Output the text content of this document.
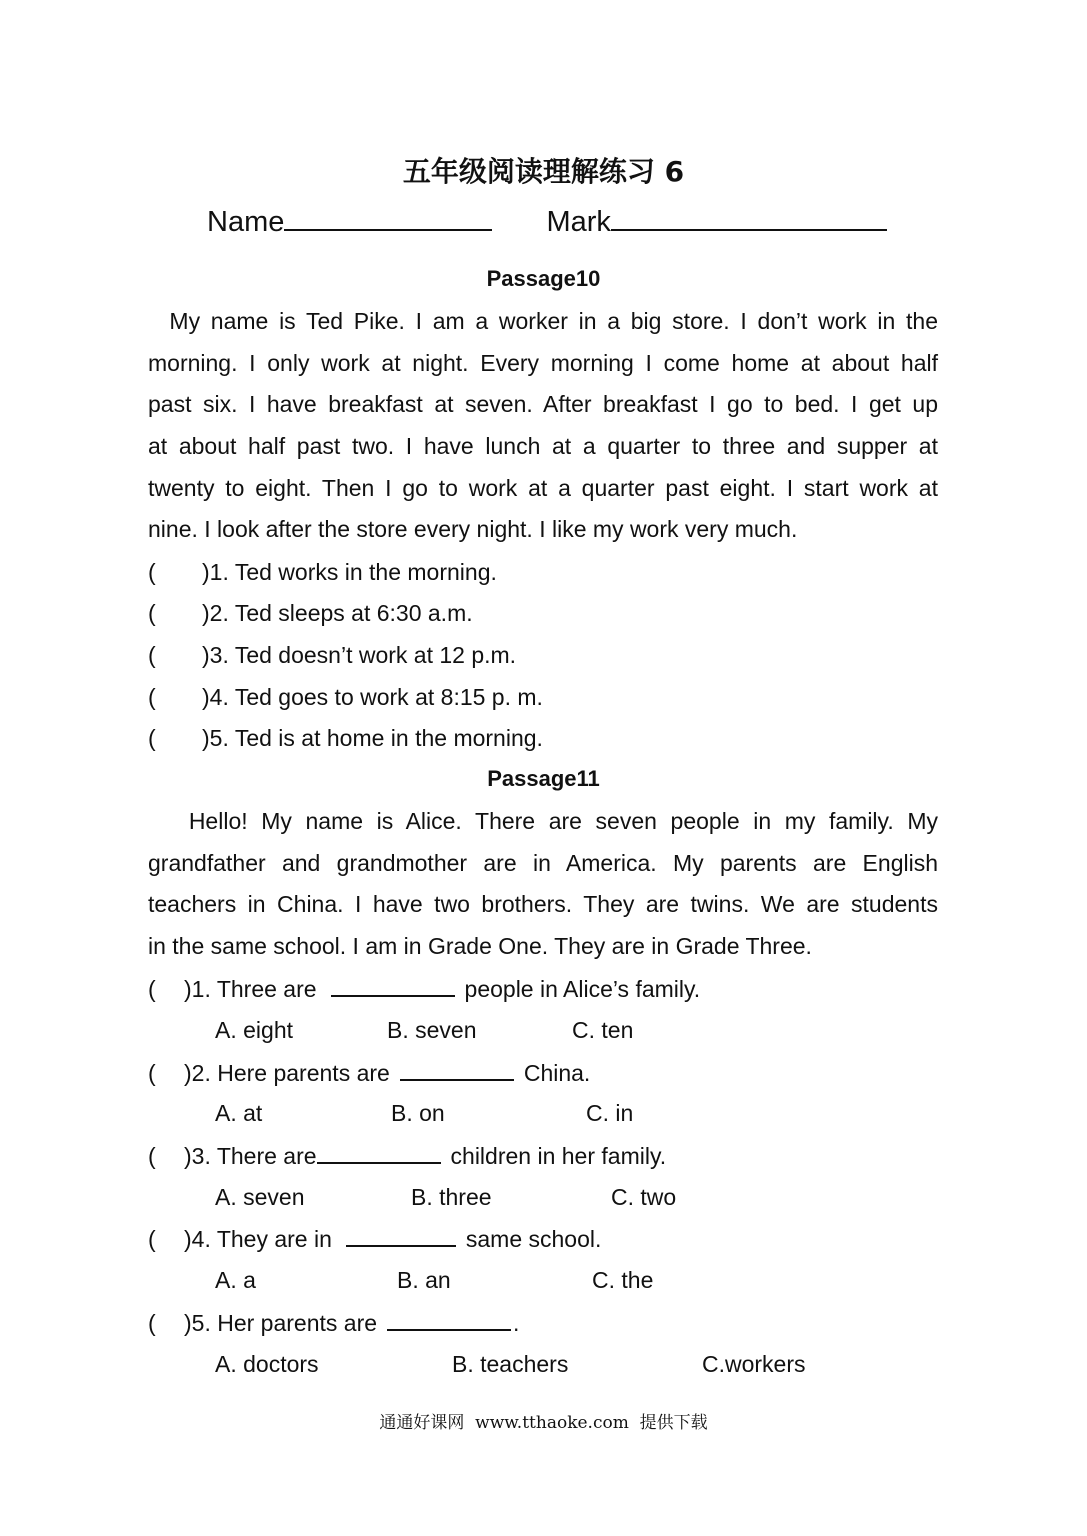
五年级阅读理解练习 6
Name	Mark
Passage10
My name is Ted Pike. I am a worker in a big store. I don’t work in the
morning. I only work at night. Every morning I come home at about half
past six. I have breakfast at seven. After breakfast I go to bed. I get up
at about half past two. I have lunch at a quarter to three and supper at
twenty to eight. Then I go to work at a quarter past eight. I start work at
nine. I look after the store every night. I like my work very much.
( )1. Ted works in the morning.
( )2. Ted sleeps at 6:30 a.m.
( )3. Ted doesn’t work at 12 p.m.
( )4. Ted goes to work at 8:15 p. m.
( )5. Ted is at home in the morning.
Passage11
Hello! My name is Alice. There are seven people in my family. My
grandfather and grandmother are in America. My parents are English
teachers in China. I have two brothers. They are twins. We are students
in the same school. I am in Grade One. They are in Grade Three.
( )1. Three are	people in Alice’s family.
A. eight	B. seven	C. ten
( )2. Here parents are	China.
A. at	B. on	C. in
( )3. There are	children in her family.
A. seven	B. three	C. two
( )4. They are in	same school.
A. a	B. an	C. the
( )5. Her parents are	.
A. doctors	B. teachers	C.workers
通通好课网  www.tthaoke.com  提供下载
